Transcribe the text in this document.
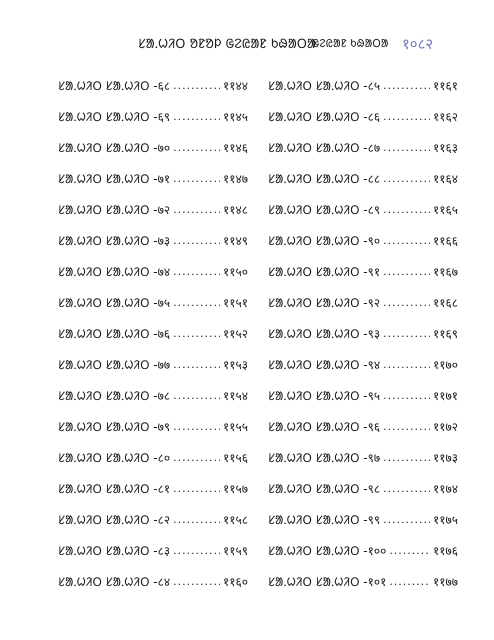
ᱥᱟᱹᱦᱤᱛ ᱚᱱᱚᱞ ᱜᱮᱭᱟᱱ ᱠᱷᱟᱛᱟ
ᱜᱮᱭᱟᱱ ᱠᱷᱟᱛᱟ १०८२
ᱥᱟᱹᱦᱤᱛ ᱥᱟᱹᱦᱤᱛ -६८ .....	११४४
ᱥᱟᱹᱦᱤᱛ ᱥᱟᱹᱦᱤᱛ -६९ .....	११४५
ᱥᱟᱹᱦᱤᱛ ᱥᱟᱹᱦᱤᱛ -७० .....	११४६
ᱥᱟᱹᱦᱤᱛ ᱥᱟᱹᱦᱤᱛ -७१ .....	११४७
ᱥᱟᱹᱦᱤᱛ ᱥᱟᱹᱦᱤᱛ -७२ .....	११४८
ᱥᱟᱹᱦᱤᱛ ᱥᱟᱹᱦᱤᱛ -७३ .....	११४९
ᱥᱟᱹᱦᱤᱛ ᱥᱟᱹᱦᱤᱛ -७४ .....	११५०
ᱥᱟᱹᱦᱤᱛ ᱥᱟᱹᱦᱤᱛ -७५ .....	११५१
ᱥᱟᱹᱦᱤᱛ ᱥᱟᱹᱦᱤᱛ -७६ .....	११५२
ᱥᱟᱹᱦᱤᱛ ᱥᱟᱹᱦᱤᱛ -७७ .....	११५३
ᱥᱟᱹᱦᱤᱛ ᱥᱟᱹᱦᱤᱛ -७८ .....	११५४
ᱥᱟᱹᱦᱤᱛ ᱥᱟᱹᱦᱤᱛ -७९ .....	११५५
ᱥᱟᱹᱦᱤᱛ ᱥᱟᱹᱦᱤᱛ -८० .....	११५६
ᱥᱟᱹᱦᱤᱛ ᱥᱟᱹᱦᱤᱛ -८१ .....	११५७
ᱥᱟᱹᱦᱤᱛ ᱥᱟᱹᱦᱤᱛ -८२ .....	११५८
ᱥᱟᱹᱦᱤᱛ ᱥᱟᱹᱦᱤᱛ -८३ .....	११५९
ᱥᱟᱹᱦᱤᱛ ᱥᱟᱹᱦᱤᱛ -८४ .....	११६०
ᱥᱟᱹᱦᱤᱛ ᱥᱟᱹᱦᱤᱛ -८५ .....	११६१
ᱥᱟᱹᱦᱤᱛ ᱥᱟᱹᱦᱤᱛ -८६ .....	११६२
ᱥᱟᱹᱦᱤᱛ ᱥᱟᱹᱦᱤᱛ -८७ .....	११६३
ᱥᱟᱹᱦᱤᱛ ᱥᱟᱹᱦᱤᱛ -८८ .....	११६४
ᱥᱟᱹᱦᱤᱛ ᱥᱟᱹᱦᱤᱛ -८९ .....	११६५
ᱥᱟᱹᱦᱤᱛ ᱥᱟᱹᱦᱤᱛ -९० .....	११६६
ᱥᱟᱹᱦᱤᱛ ᱥᱟᱹᱦᱤᱛ -९१ .....	११६७
ᱥᱟᱹᱦᱤᱛ ᱥᱟᱹᱦᱤᱛ -९२ .....	११६८
ᱥᱟᱹᱦᱤᱛ ᱥᱟᱹᱦᱤᱛ -९३ .....	११६९
ᱥᱟᱹᱦᱤᱛ ᱥᱟᱹᱦᱤᱛ -९४ .....	११७०
ᱥᱟᱹᱦᱤᱛ ᱥᱟᱹᱦᱤᱛ -९५ .....	११७१
ᱥᱟᱹᱦᱤᱛ ᱥᱟᱹᱦᱤᱛ -९६ .....	११७२
ᱥᱟᱹᱦᱤᱛ ᱥᱟᱹᱦᱤᱛ -९७ .....	११७३
ᱥᱟᱹᱦᱤᱛ ᱥᱟᱹᱦᱤᱛ -९८ .....	११७४
ᱥᱟᱹᱦᱤᱛ ᱥᱟᱹᱦᱤᱛ -९९ .....	११७५
ᱥᱟᱹᱦᱤᱛ ᱥᱟᱹᱦᱤᱛ -१०० .....	११७६
ᱥᱟᱹᱦᱤᱛ ᱥᱟᱹᱦᱤᱛ -१०१ .....	११७७
